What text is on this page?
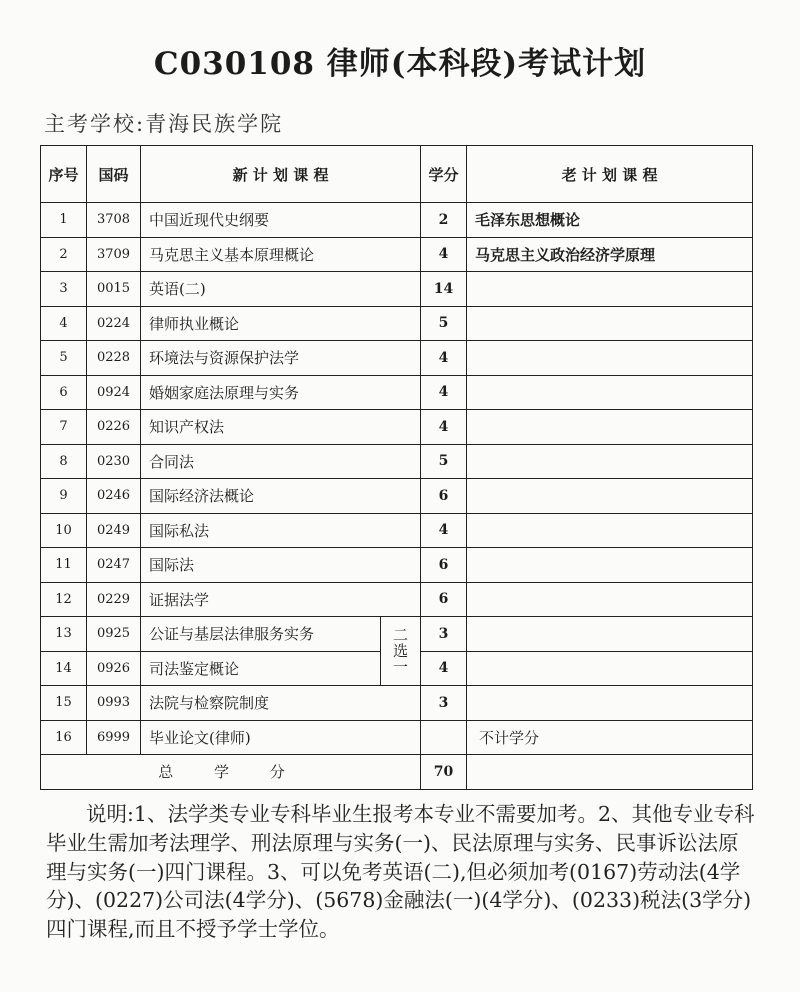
C030108 律师(本科段)考试计划
主考学校:青海民族学院
序号	国码	新 计 划 课 程		学分	老 计 划 课 程
1	3708	中国近现代史纲要		2	毛泽东思想概论
2	3709	马克思主义基本原理概论		4	马克思主义政治经济学原理
3	0015	英语(二)		14	
4	0224	律师执业概论		5	
5	0228	环境法与资源保护法学		4	
6	0924	婚姻家庭法原理与实务		4	
7	0226	知识产权法		4	
8	0230	合同法		5	
9	0246	国际经济法概论		6	
10	0249	国际私法		4	
11	0247	国际法		6	
12	0229	证据法学		6	
13	0925	公证与基层法律服务实务	二选一	3	
14	0926	司法鉴定概论		4	
15	0993	法院与检察院制度		3	
16	6999	毕业论文(律师)			不计学分
总 学 分				70	
说明:1、法学类专业专科毕业生报考本专业不需要加考。2、其他专业专科毕业生需加考法理学、刑法原理与实务(一)、民法原理与实务、民事诉讼法原理与实务(一)四门课程。3、可以免考英语(二),但必须加考(0167)劳动法(4学分)、(0227)公司法(4学分)、(5678)金融法(一)(4学分)、(0233)税法(3学分)四门课程,而且不授予学士学位。
